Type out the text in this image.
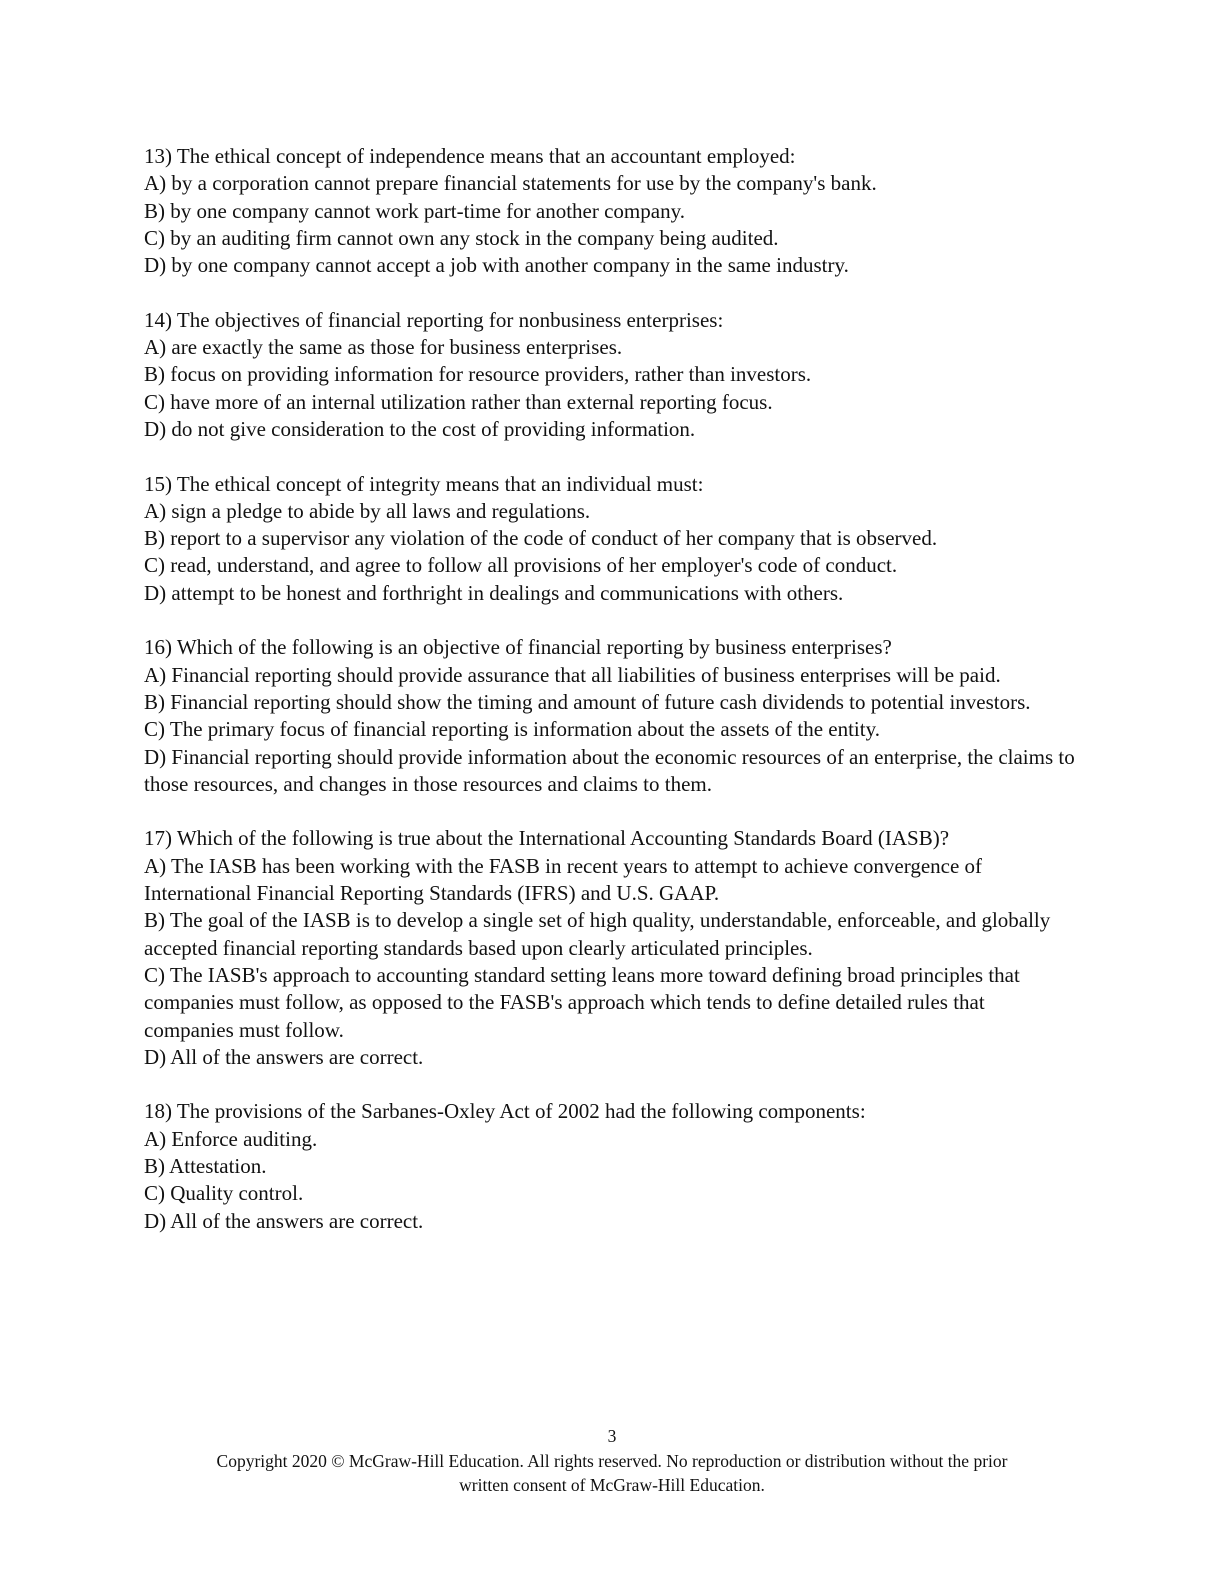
13) The ethical concept of independence means that an accountant employed:

A) by a corporation cannot prepare financial statements for use by the company's bank.

B) by one company cannot work part-time for another company.

C) by an auditing firm cannot own any stock in the company being audited.

D) by one company cannot accept a job with another company in the same industry.

14) The objectives of financial reporting for nonbusiness enterprises:

A) are exactly the same as those for business enterprises.

B) focus on providing information for resource providers, rather than investors.

C) have more of an internal utilization rather than external reporting focus.

D) do not give consideration to the cost of providing information.

15) The ethical concept of integrity means that an individual must:

A) sign a pledge to abide by all laws and regulations.

B) report to a supervisor any violation of the code of conduct of her company that is observed.

C) read, understand, and agree to follow all provisions of her employer's code of conduct.

D) attempt to be honest and forthright in dealings and communications with others.

16) Which of the following is an objective of financial reporting by business enterprises?

A) Financial reporting should provide assurance that all liabilities of business enterprises will be paid.

B) Financial reporting should show the timing and amount of future cash dividends to potential investors.

C) The primary focus of financial reporting is information about the assets of the entity.

D) Financial reporting should provide information about the economic resources of an enterprise, the claims to those resources, and changes in those resources and claims to them.

17) Which of the following is true about the International Accounting Standards Board (IASB)?

A) The IASB has been working with the FASB in recent years to attempt to achieve convergence of International Financial Reporting Standards (IFRS) and U.S. GAAP.

B) The goal of the IASB is to develop a single set of high quality, understandable, enforceable, and globally accepted financial reporting standards based upon clearly articulated principles.

C) The IASB's approach to accounting standard setting leans more toward defining broad principles that companies must follow, as opposed to the FASB's approach which tends to define detailed rules that companies must follow.

D) All of the answers are correct.

18) The provisions of the Sarbanes-Oxley Act of 2002 had the following components:

A) Enforce auditing.

B) Attestation.

C) Quality control.

D) All of the answers are correct.

3

Copyright 2020 © McGraw-Hill Education. All rights reserved. No reproduction or distribution without the prior

written consent of McGraw-Hill Education.
